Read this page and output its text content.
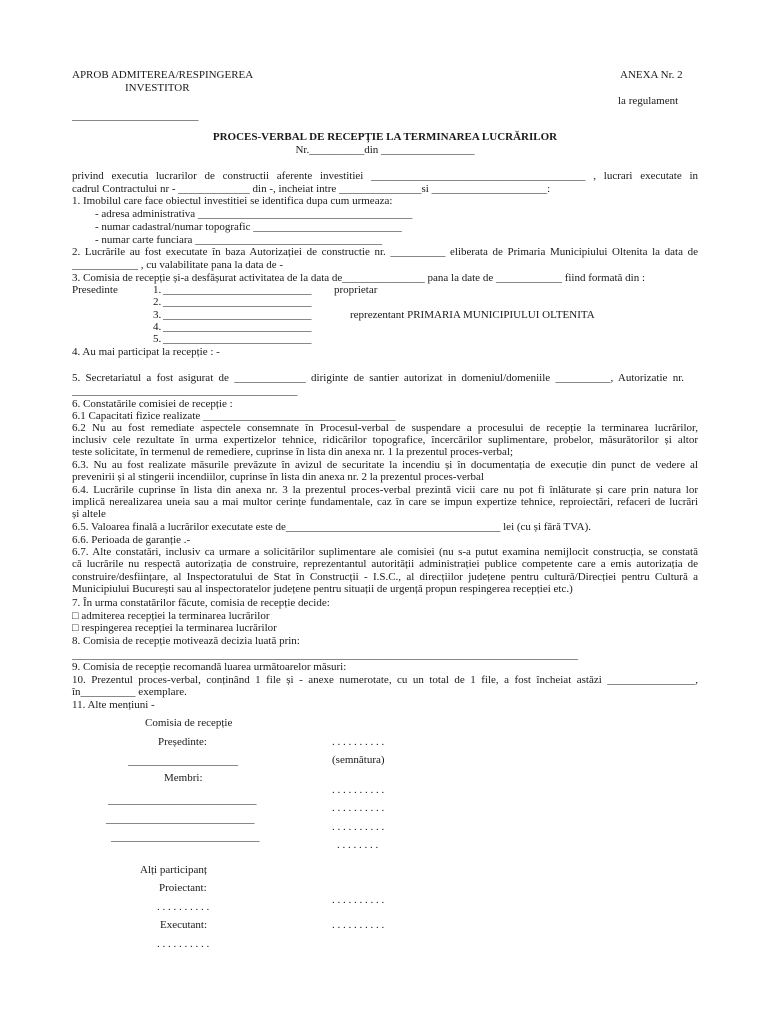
APROB ADMITEREA/RESPINGEREA
INVESTITOR
_______________________
ANEXA Nr. 2
la regulament
PROCES-VERBAL DE RECEPȚIE LA TERMINAREA LUCRĂRILOR
Nr.__________din _________________
privind executia lucrarilor de constructii aferente investitiei _______________________________________ , lucrari executate in
cadrul Contractului nr - _____________ din -, incheiat intre _______________si _____________________:
1. Imobilul care face obiectul investitiei se identifica dupa cum urmeaza:
- adresa administrativa _______________________________________
- numar cadastral/numar topografic ___________________________
- numar carte funciara __________________________________
2. Lucrările au fost executate în baza Autorizației de constructie nr. __________ eliberata de Primaria Municipiului Oltenita la data de
____________ , cu valabilitate pana la data de -
3. Comisia de recepție și-a desfășurat activitatea de la data de_______________ pana la date de ____________ fiind formată din :
Presedinte	1. ___________________________ proprietar
2. ___________________________
3. ___________________________	reprezentant PRIMARIA MUNICIPIULUI OLTENITA
4. ___________________________
5. ___________________________
4. Au mai participat la recepție : -
5. Secretariatul a fost asigurat de _____________ diriginte de santier autorizat in domeniul/domeniile __________, Autorizatie nr.
_________________________________________
6. Constatările comisiei de recepție :
6.1 Capacitati fizice realizate ___________________________________
6.2 Nu au fost remediate aspectele consemnate în Procesul-verbal de suspendare a procesului de recepție la terminarea lucrărilor,
inclusiv cele rezultate în urma expertizelor tehnice, ridicărilor topografice, încercărilor suplimentare, probelor, măsurătorilor și altor
teste solicitate, în termenul de remediere, cuprinse în lista din anexa nr. 1 la prezentul proces-verbal;
6.3. Nu au fost realizate măsurile prevăzute în avizul de securitate la incendiu și în documentația de execuție din punct de vedere al
prevenirii și al stingerii incendiilor, cuprinse în lista din anexa nr. 2 la prezentul proces-verbal
6.4. Lucrările cuprinse în lista din anexa nr. 3 la prezentul proces-verbal prezintă vicii care nu pot fi înlăturate și care prin natura lor
implică nerealizarea uneia sau a mai multor cerințe fundamentale, caz în care se impun expertize tehnice, reproiectări, refaceri de lucrări
și altele
6.5. Valoarea finală a lucrărilor executate este de_______________________________________ lei (cu și fără TVA).
6.6. Perioada de garanție .-
6.7. Alte constatări, inclusiv ca urmare a solicitărilor suplimentare ale comisiei (nu s-a putut examina nemijlocit construcția, se constată
că lucrările nu respectă autorizația de construire, reprezentantul autorității administrației publice competente care a emis autorizația de
construire/desființare, al Inspectoratului de Stat în Construcții - I.S.C., al direcțiilor județene pentru cultură/Direcției pentru Cultură a
Municipiului București sau al inspectoratelor județene pentru situații de urgență propun respingerea recepției etc.)
7. În urma constatărilor făcute, comisia de recepție decide:
□ admiterea recepției la terminarea lucrărilor
□ respingerea recepției la terminarea lucrărilor
8. Comisia de recepție motivează decizia luată prin:
____________________________________________________________________________________________
9. Comisia de recepție recomandă luarea următoarelor măsuri:
10. Prezentul proces-verbal, conținând 1 file și - anexe numerotate, cu un total de 1 file, a fost încheiat astăzi ________________,
în__________ exemplare.
11. Alte mențiuni -
Comisia de recepție
Președinte:	. . . . . . . . . .
____________________	(semnătura)
Membri:
. . . . . . . . . .
___________________________
. . . . . . . . . .
___________________________
. . . . . . . . . .
___________________________
. . . . . . . .
Alți participanț
Proiectant:
. . . . . . . . . .
. . . . . . . . . .
Executant:	. . . . . . . . . .
. . . . . . . . . .
